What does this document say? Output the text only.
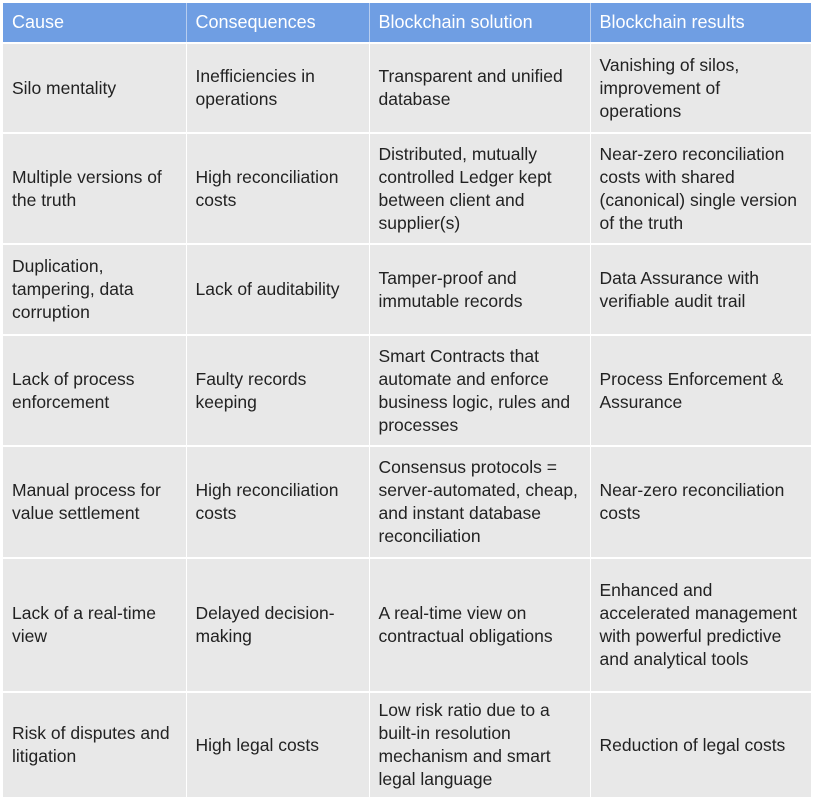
Cause	Consequences	Blockchain solution	Blockchain results
Silo mentality	Inefficiencies in operations	Transparent and unified database	Vanishing of silos, improvement of operations
Multiple versions of the truth	High reconciliation costs	Distributed, mutually controlled Ledger kept between client and supplier(s)	Near-zero reconciliation costs with shared (canonical) single version of the truth
Duplication, tampering, data corruption	Lack of auditability	Tamper-proof and immutable records	Data Assurance with verifiable audit trail
Lack of process enforcement	Faulty records keeping	Smart Contracts that automate and enforce business logic, rules and processes	Process Enforcement & Assurance
Manual process for value settlement	High reconciliation costs	Consensus protocols = server-automated, cheap, and instant database reconciliation	Near-zero reconciliation costs
Lack of a real-time view	Delayed decision-making	A real-time view on contractual obligations	Enhanced and accelerated management with powerful predictive and analytical tools
Risk of disputes and litigation	High legal costs	Low risk ratio due to a built-in resolution mechanism and smart legal language	Reduction of legal costs
